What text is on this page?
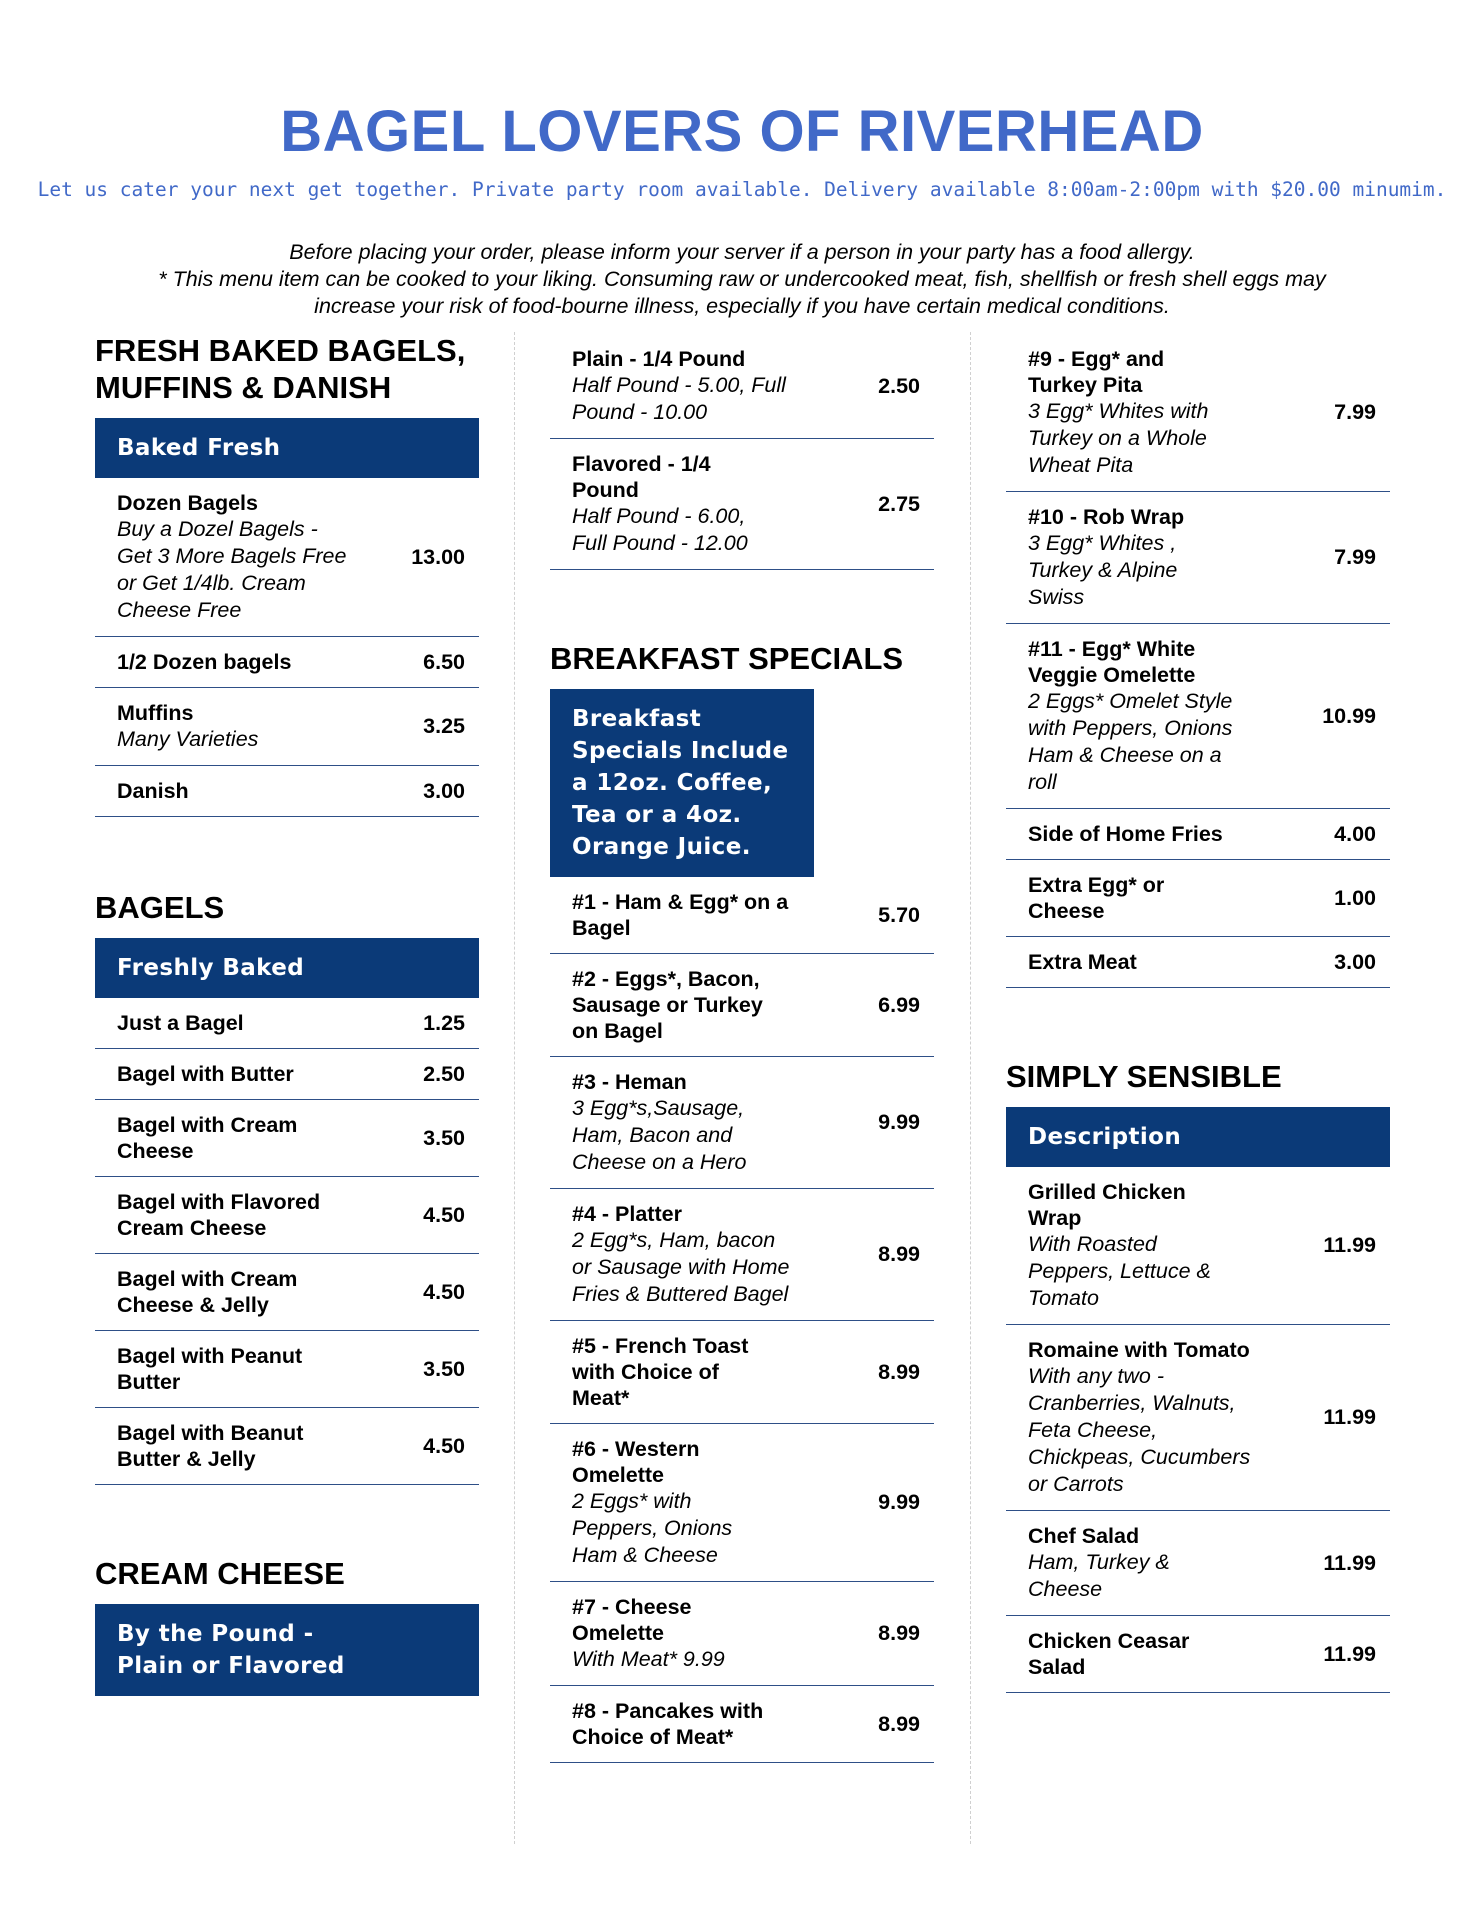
BAGEL LOVERS OF RIVERHEAD
Let us cater your next get together. Private party room available. Delivery available 8:00am-2:00pm with $20.00 minumim.
Before placing your order, please inform your server if a person in your party has a food allergy.
* This menu item can be cooked to your liking. Consuming raw or undercooked meat, fish, shellfish or fresh shell eggs may
increase your risk of food-bourne illness, especially if you have certain medical conditions.
FRESH BAKED BAGELS,
MUFFINS & DANISH
Baked Fresh
Dozen Bagels
Buy a Dozel Bagels - Get 3 More Bagels Free or Get 1/4lb. Cream Cheese Free
13.00
1/2 Dozen bagels	6.50
Muffins
Many Varieties
3.25
Danish	3.00
BAGELS
Freshly Baked
Just a Bagel	1.25
Bagel with Butter	2.50
Bagel with Cream Cheese
3.50
Bagel with Flavored Cream Cheese
4.50
Bagel with Cream Cheese & Jelly
4.50
Bagel with Peanut Butter
3.50
Bagel with Beanut Butter & Jelly
4.50
CREAM CHEESE
By the Pound -
Plain or Flavored
Plain - 1/4 Pound
Half Pound - 5.00, Full Pound - 10.00
2.50
Flavored - 1/4 Pound
Half Pound - 6.00, Full Pound - 12.00
2.75
BREAKFAST SPECIALS
Breakfast Specials Include a 12oz. Coffee, Tea or a 4oz. Orange Juice.
#1 - Ham & Egg* on a Bagel
5.70
#2 - Eggs*, Bacon, Sausage or Turkey on Bagel
6.99
#3 - Heman
3 Egg*s,Sausage, Ham, Bacon and Cheese on a Hero
9.99
#4 - Platter
2 Egg*s, Ham, bacon or Sausage with Home Fries & Buttered Bagel
8.99
#5 - French Toast with Choice of Meat*
8.99
#6 - Western Omelette
2 Eggs* with Peppers, Onions Ham & Cheese
9.99
#7 - Cheese Omelette
With Meat* 9.99
8.99
#8 - Pancakes with Choice of Meat*
8.99
#9 - Egg* and Turkey Pita
3 Egg* Whites with Turkey on a Whole Wheat Pita
7.99
#10 - Rob Wrap
3 Egg* Whites , Turkey & Alpine Swiss
7.99
#11 - Egg* White Veggie Omelette
2 Eggs* Omelet Style with Peppers, Onions Ham & Cheese on a roll
10.99
Side of Home Fries	4.00
Extra Egg* or Cheese
1.00
Extra Meat	3.00
SIMPLY SENSIBLE
Description
Grilled Chicken Wrap
With Roasted Peppers, Lettuce & Tomato
11.99
Romaine with Tomato
With any two - Cranberries, Walnuts, Feta Cheese, Chickpeas, Cucumbers or Carrots
11.99
Chef Salad
Ham, Turkey & Cheese
11.99
Chicken Ceasar Salad
11.99
